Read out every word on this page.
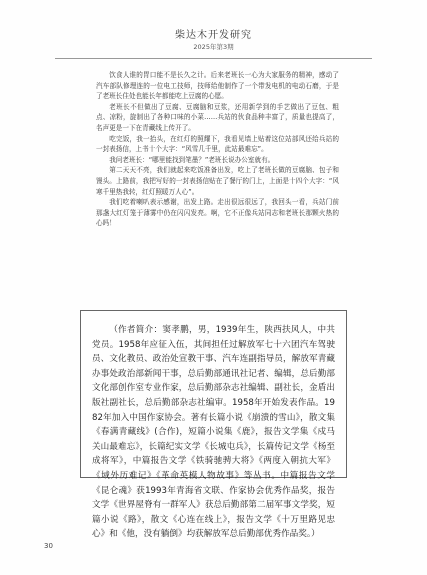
柴达木开发研究
2025年第3期

饮食人谁的胃口能不是长久之计。后来老班长一心为大家服务的精神，感动了汽车部队修理连的一位电工技师，技师给他制作了一个带发电机的电动石磨，于是了老班长住处也能长年都能吃上豆腐的心愿。

老班长不但做出了豆腐、豆腐脑和豆浆，还用新学到的手艺做出了豆包、粗点、凉粉，旋制出了各种口味的小菜……兵站的伙食品种丰富了，质量也提高了，名声更是一下在青藏线上传开了。

吃完饭，我一抬头，在红灯的照耀下，我看见墙上贴着这位站部风还给兵站的一封表扬信，上书十个大字：“风雪几千里，此站最难忘”。

我问老班长：“哪里能找到笔墨？”老班长说办公室就有。

第二天天不亮，我们就起来吃饭准备出发，吃上了老班长做的豆腐脑、包子和馒头。上路前，我把写好的一封表扬信贴在了餐厅的门上，上面是十四个大字：“风寒千里热我转，红灯照暖万人心”。

我们吃着喇叭表示感谢，出发上路。走出很远很远了，我回头一看，兵站门前那盏大红灯笼于薄雾中仍在闪闪发亮。啊，它不正像兵站同志和老班长那颗火热的心吗！

（作者简介：窦孝鹏，男，1939年生，陕西扶风人，中共党员。1958年应征入伍，其间担任过解放军七十六团汽车驾驶员、文化教员、政治处宣教干事、汽车连副指导员，解放军青藏办事处政治部新闻干事，总后勤部通讯社记者、编辑，总后勤部文化部创作室专业作家，总后勤部杂志社编辑、副社长，金盾出版社副社长，总后勤部杂志社编审。1958年开始发表作品。1982年加入中国作家协会。著有长篇小说《崩溃的雪山》，散文集《春满青藏线》(合作)，短篇小说集《鹿》，报告文学集《戍马关山最难忘》，长篇纪实文学《长城屯兵》，长篇传记文学《杨至成将军》，中篇报告文学《铁骑驰骋大将》《两度入朝抗大军》《域外历难记》《革命英模人物故事》等丛书。中篇报告文学《昆仑魂》获1993年青海省文联、作家协会优秀作品奖，报告文学《世界屋脊有一群军人》获总后勤部第二届军事文学奖，短篇小说《路》，散文《心连在线上》，报告文学《十万里路见忠心》和《他，没有躺倒》均获解放军总后勤部优秀作品奖。）

30
